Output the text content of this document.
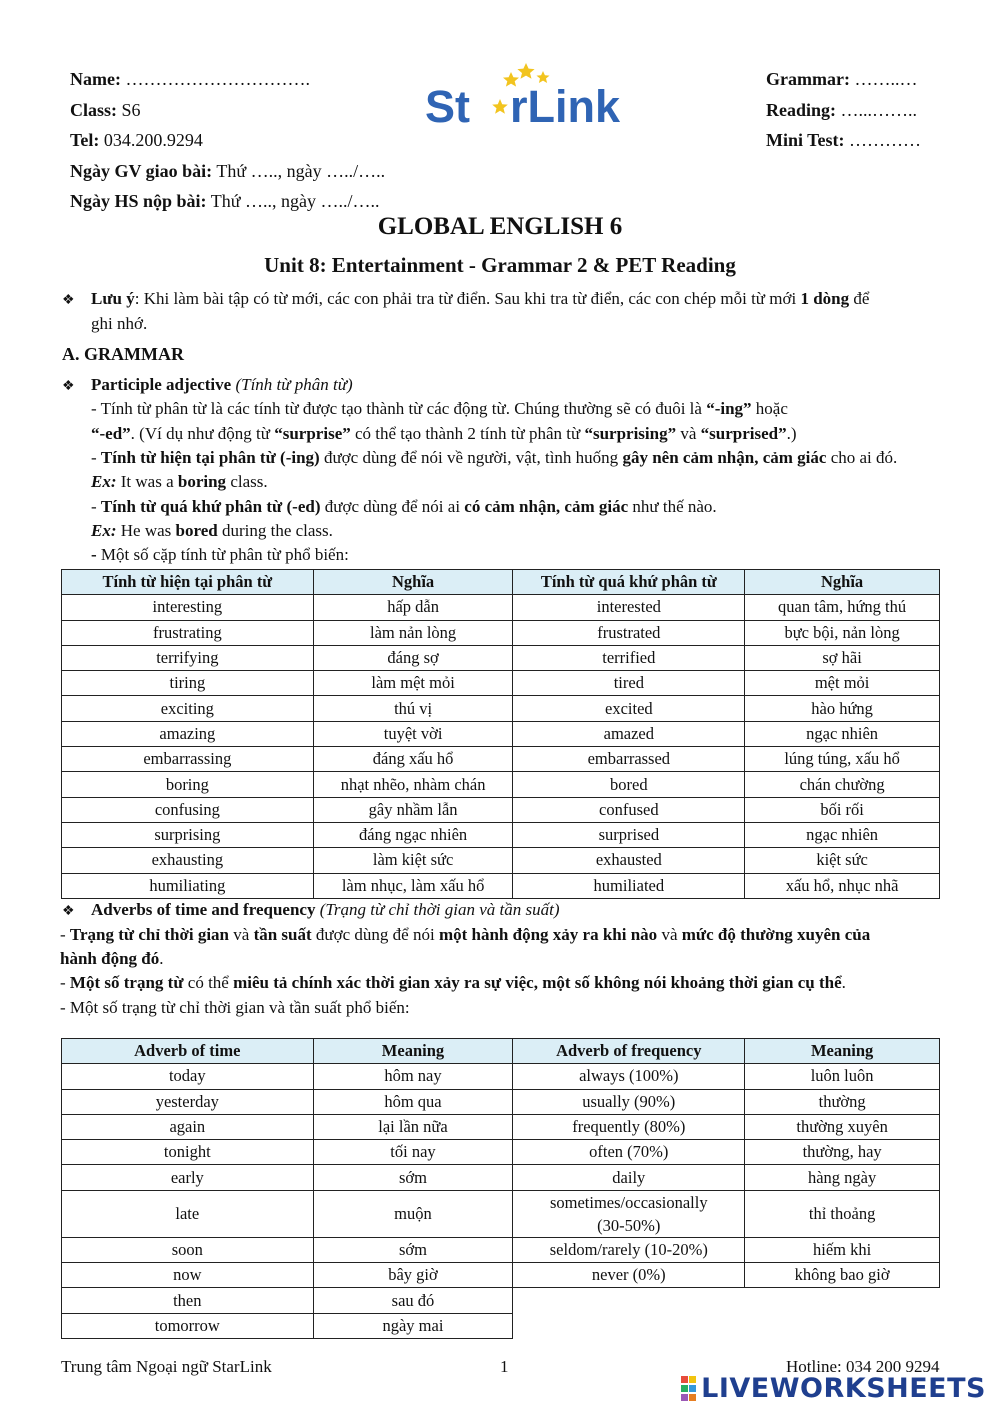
Name: ………………………….
Class: S6
Tel: 034.200.9294
Ngày GV giao bài: Thứ ….., ngày …../…..
Ngày HS nộp bài: Thứ ….., ngày …../…..
St rLink
Grammar: ……..…
Reading: …...……..
Mini Test: …………
GLOBAL ENGLISH 6
Unit 8: Entertainment - Grammar 2 & PET Reading
❖ Lưu ý: Khi làm bài tập có từ mới, các con phải tra từ điển. Sau khi tra từ điển, các con chép mỗi từ mới 1 dòng để
ghi nhớ.
A. GRAMMAR
❖ Participle adjective (Tính từ phân từ)
- Tính từ phân từ là các tính từ được tạo thành từ các động từ. Chúng thường sẽ có đuôi là “-ing” hoặc
“-ed”. (Ví dụ như động từ “surprise” có thể tạo thành 2 tính từ phân từ “surprising” và “surprised”.)
- Tính từ hiện tại phân từ (-ing) được dùng để nói về người, vật, tình huống gây nên cảm nhận, cảm giác cho ai đó.
Ex: It was a boring class.
- Tính từ quá khứ phân từ (-ed) được dùng để nói ai có cảm nhận, cảm giác như thế nào.
Ex: He was bored during the class.
- Một số cặp tính từ phân từ phổ biến:
Tính từ hiện tại phân từ	Nghĩa	Tính từ quá khứ phân từ	Nghĩa
interesting	hấp dẫn	interested	quan tâm, hứng thú
frustrating	làm nản lòng	frustrated	bực bội, nản lòng
terrifying	đáng sợ	terrified	sợ hãi
tiring	làm mệt mỏi	tired	mệt mỏi
exciting	thú vị	excited	hào hứng
amazing	tuyệt vời	amazed	ngạc nhiên
embarrassing	đáng xấu hổ	embarrassed	lúng túng, xấu hổ
boring	nhạt nhẽo, nhàm chán	bored	chán chường
confusing	gây nhầm lẫn	confused	bối rối
surprising	đáng ngạc nhiên	surprised	ngạc nhiên
exhausting	làm kiệt sức	exhausted	kiệt sức
humiliating	làm nhục, làm xấu hổ	humiliated	xấu hổ, nhục nhã
❖ Adverbs of time and frequency (Trạng từ chỉ thời gian và tần suất)
- Trạng từ chỉ thời gian và tần suất được dùng để nói một hành động xảy ra khi nào và mức độ thường xuyên của
hành động đó.
- Một số trạng từ có thể miêu tả chính xác thời gian xảy ra sự việc, một số không nói khoảng thời gian cụ thể.
- Một số trạng từ chỉ thời gian và tần suất phổ biến:
Adverb of time	Meaning	Adverb of frequency	Meaning
today	hôm nay	always (100%)	luôn luôn
yesterday	hôm qua	usually (90%)	thường
again	lại lần nữa	frequently (80%)	thường xuyên
tonight	tối nay	often (70%)	thường, hay
early	sớm	daily	hàng ngày
late	muộn	sometimes/occasionally (30-50%)	thỉ thoảng
soon	sớm	seldom/rarely (10-20%)	hiếm khi
now	bây giờ	never (0%)	không bao giờ
then	sau đó		
tomorrow	ngày mai		
Trung tâm Ngoại ngữ StarLink	1	Hotline: 034 200 9294
LIVEWORKSHEETS
